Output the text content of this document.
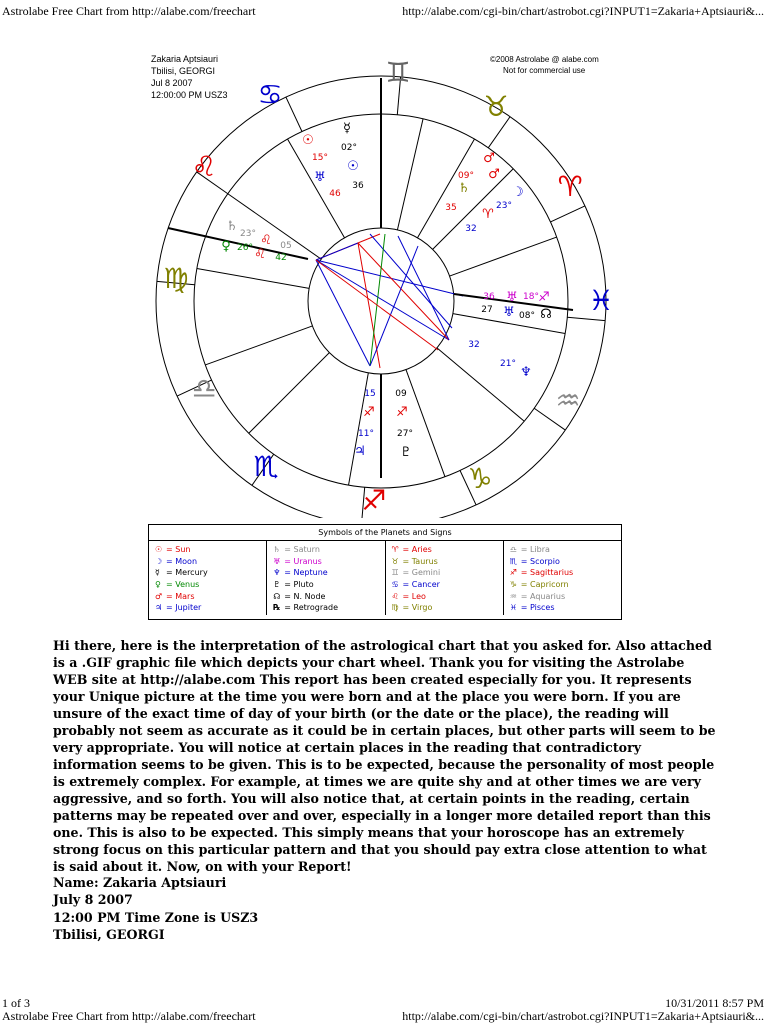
Astrolabe Free Chart from http://alabe.com/freechart	http://alabe.com/cgi-bin/chart/astrobot.cgi?INPUT1=Zakaria+Aptsiauri&...
Zakaria Aptsiauri
Tbilisi, GEORGI
Jul 8 2007
12:00:00 PM USZ3
©2008 Astrolabe @ alabe.com
Not for commercial use
♊
♋	♉
♌
♈
♍
♓
♎	♒
♏	♑
♐
☉
☿
☉
♅
♄
♀ ♌
♌
♂
♂
♄	☽
♈
♅ ♐
♅ ☊
♆
♐ ♐
♃	♇
15°
02°
46
36
23°
26°	05
42
09°
35	23°
32
36	18°
27
08°
32
21°
15 09
11°	27°
Symbols of the Planets and Signs
☉ = Sun
☽ = Moon
☿ = Mercury
♀ = Venus
♂ = Mars
♃ = Jupiter
♄ = Saturn
♅ = Uranus
♆ = Neptune
♇ = Pluto
☊ = N. Node
℞ = Retrograde
♈ = Aries
♉ = Taurus
♊ = Gemini
♋ = Cancer
♌ = Leo
♍ = Virgo
♎ = Libra
♏ = Scorpio
♐ = Sagittarius
♑ = Capricorn
♒ = Aquarius
♓ = Pisces

Hi there, here is the interpretation of the astrological chart that you asked for. Also attached is a .GIF graphic file which depicts your chart wheel. Thank you for visiting the Astrolabe WEB site at http://alabe.com This report has been created especially for you. It represents your Unique picture at the time you were born and at the place you were born. If you are unsure of the exact time of day of your birth (or the date or the place), the reading will probably not seem as accurate as it could be in certain places, but other parts will seem to be very appropriate. You will notice at certain places in the reading that contradictory information seems to be given. This is to be expected, because the personality of most people is extremely complex. For example, at times we are quite shy and at other times we are very aggressive, and so forth. You will also notice that, at certain points in the reading, certain patterns may be repeated over and over, especially in a longer more detailed report than this one. This is also to be expected. This simply means that your horoscope has an extremely strong focus on this particular pattern and that you should pay extra close attention to what is said about it. Now, on with your Report!

Name: Zakaria Aptsiauri
July 8 2007
12:00 PM Time Zone is USZ3
Tbilisi, GEORGI
1 of 3	10/31/2011 8:57 PM
Astrolabe Free Chart from http://alabe.com/freechart	http://alabe.com/cgi-bin/chart/astrobot.cgi?INPUT1=Zakaria+Aptsiauri&...
